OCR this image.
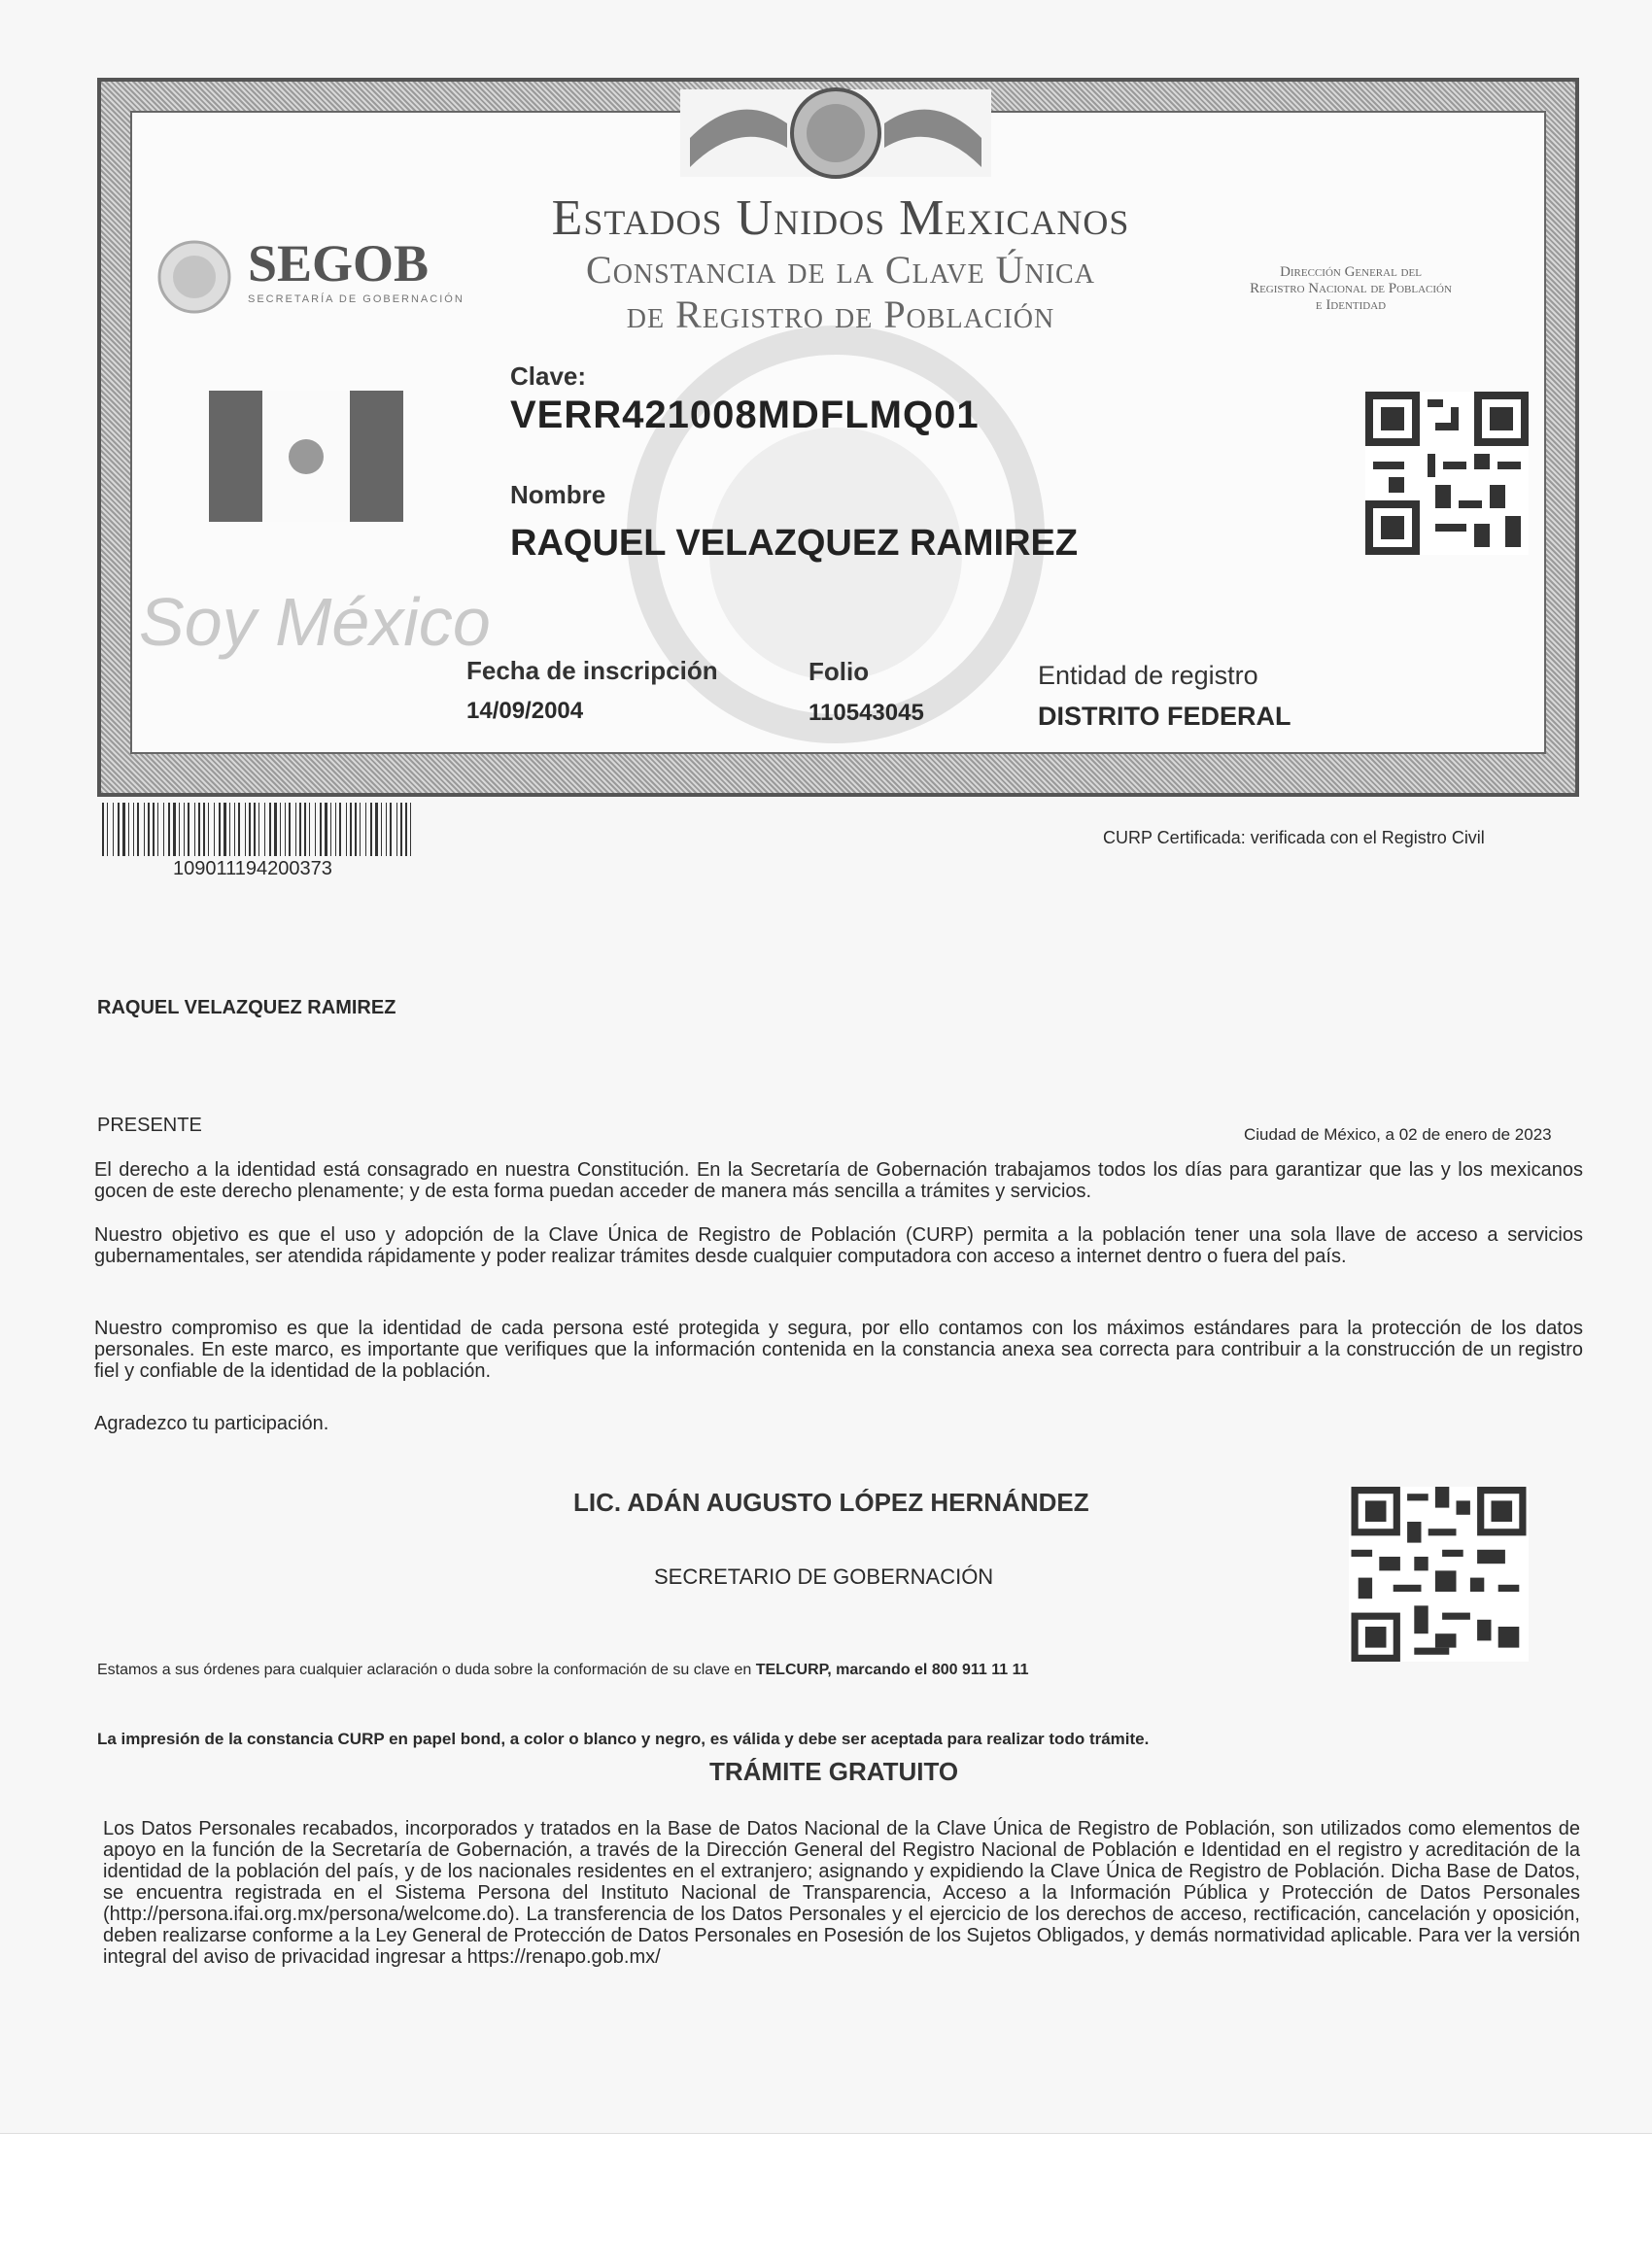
Estados Unidos Mexicanos
Constancia de la Clave Única
de Registro de Población
Dirección General del
Registro Nacional de Población
e Identidad
SEGOB
SECRETARÍA DE GOBERNACIÓN
Soy México
Clave:
VERR421008MDFLMQ01
Nombre
RAQUEL VELAZQUEZ RAMIREZ
Fecha de inscripción
14/09/2004
Folio
110543045
Entidad de registro
DISTRITO FEDERAL
109011194200373
CURP Certificada: verificada con el Registro Civil
RAQUEL VELAZQUEZ RAMIREZ
PRESENTE	Ciudad de México, a 02 de enero de 2023
El derecho a la identidad está consagrado en nuestra Constitución. En la Secretaría de Gobernación trabajamos todos los días para garantizar que las y los mexicanos gocen de este derecho plenamente; y de esta forma puedan acceder de manera más sencilla a trámites y servicios.
Nuestro objetivo es que el uso y adopción de la Clave Única de Registro de Población (CURP) permita a la población tener una sola llave de acceso a servicios gubernamentales, ser atendida rápidamente y poder realizar trámites desde cualquier computadora con acceso a internet dentro o fuera del país.
Nuestro compromiso es que la identidad de cada persona esté protegida y segura, por ello contamos con los máximos estándares para la protección de los datos personales. En este marco, es importante que verifiques que la información contenida en la constancia anexa sea correcta para contribuir a la construcción de un registro fiel y confiable de la identidad de la población.
Agradezco tu participación.
LIC. ADÁN AUGUSTO LÓPEZ HERNÁNDEZ
SECRETARIO DE GOBERNACIÓN
Estamos a sus órdenes para cualquier aclaración o duda sobre la conformación de su clave en TELCURP, marcando el 800 911 11 11
La impresión de la constancia CURP en papel bond, a color o blanco y negro, es válida y debe ser aceptada para realizar todo trámite.
TRÁMITE GRATUITO
Los Datos Personales recabados, incorporados y tratados en la Base de Datos Nacional de la Clave Única de Registro de Población, son utilizados como elementos de apoyo en la función de la Secretaría de Gobernación, a través de la Dirección General del Registro Nacional de Población e Identidad en el registro y acreditación de la identidad de la población del país, y de los nacionales residentes en el extranjero; asignando y expidiendo la Clave Única de Registro de Población. Dicha Base de Datos, se encuentra registrada en el Sistema Persona del Instituto Nacional de Transparencia, Acceso a la Información Pública y Protección de Datos Personales (http://persona.ifai.org.mx/persona/welcome.do). La transferencia de los Datos Personales y el ejercicio de los derechos de acceso, rectificación, cancelación y oposición, deben realizarse conforme a la Ley General de Protección de Datos Personales en Posesión de los Sujetos Obligados, y demás normatividad aplicable. Para ver la versión integral del aviso de privacidad ingresar a https://renapo.gob.mx/
